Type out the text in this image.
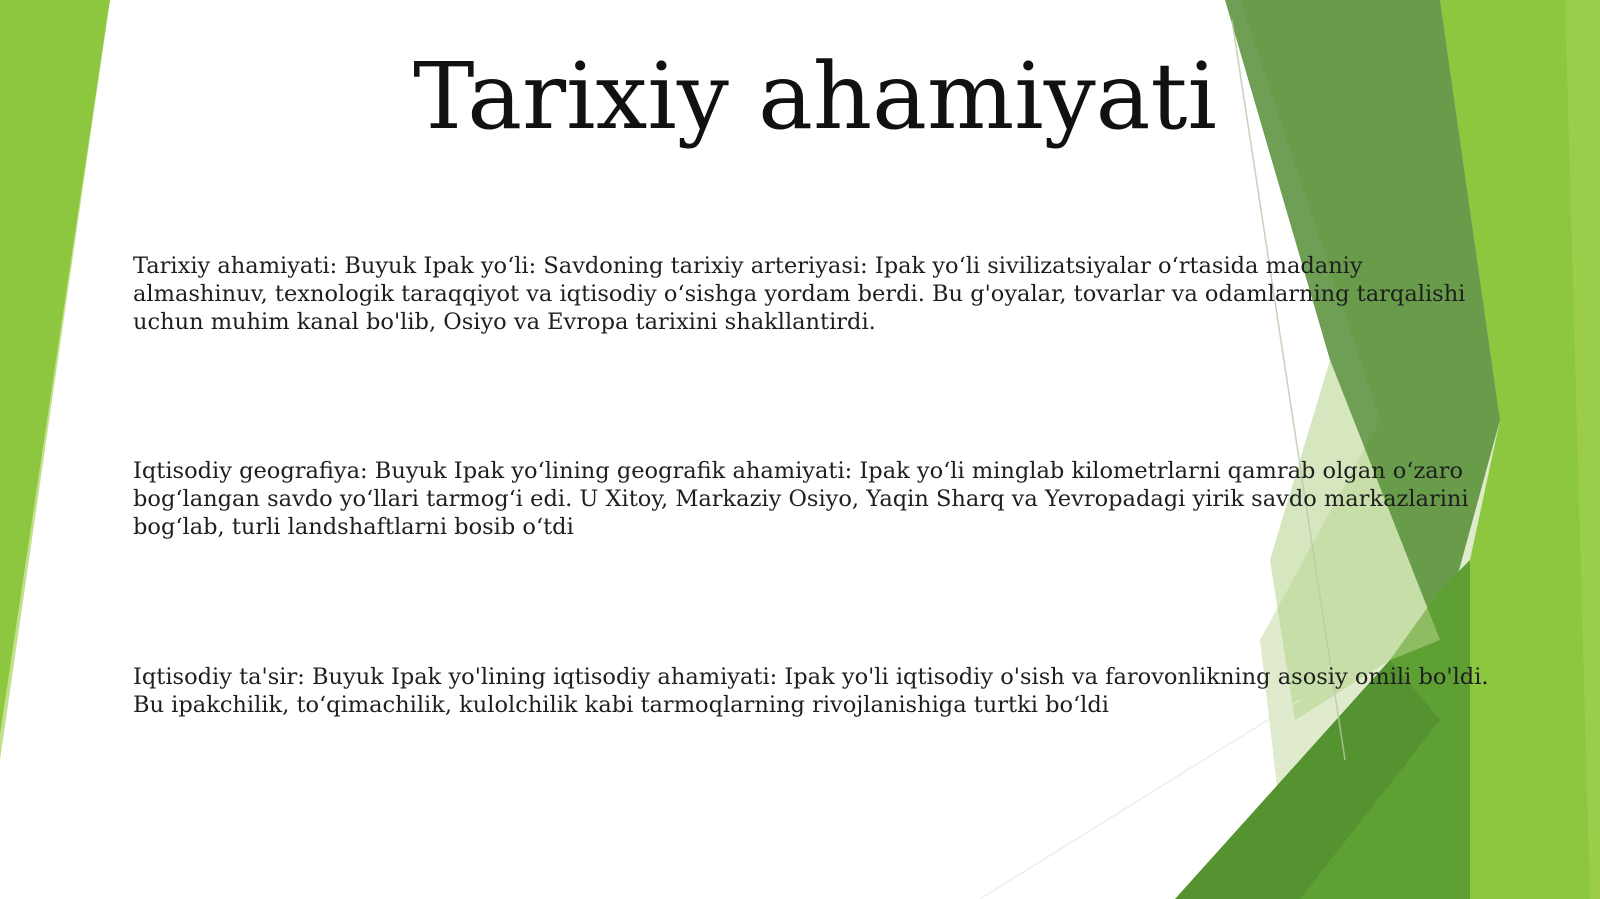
Tarixiy ahamiyati

Tarixiy ahamiyati: Buyuk Ipak yo‘li: Savdoning tarixiy arteriyasi: Ipak yo‘li sivilizatsiyalar o‘rtasida madaniy almashinuv, texnologik taraqqiyot va iqtisodiy o‘sishga yordam berdi. Bu g'oyalar, tovarlar va odamlarning tarqalishi uchun muhim kanal bo'lib, Osiyo va Evropa tarixini shakllantirdi.

Iqtisodiy geografiya: Buyuk Ipak yo‘lining geografik ahamiyati: Ipak yo‘li minglab kilometrlarni qamrab olgan o‘zaro bog‘langan savdo yo‘llari tarmog‘i edi. U Xitoy, Markaziy Osiyo, Yaqin Sharq va Yevropadagi yirik savdo markazlarini bog‘lab, turli landshaftlarni bosib o‘tdi

Iqtisodiy ta'sir: Buyuk Ipak yo'lining iqtisodiy ahamiyati: Ipak yo'li iqtisodiy o'sish va farovonlikning asosiy omili bo'ldi. Bu ipakchilik, to‘qimachilik, kulolchilik kabi tarmoqlarning rivojlanishiga turtki bo‘ldi
